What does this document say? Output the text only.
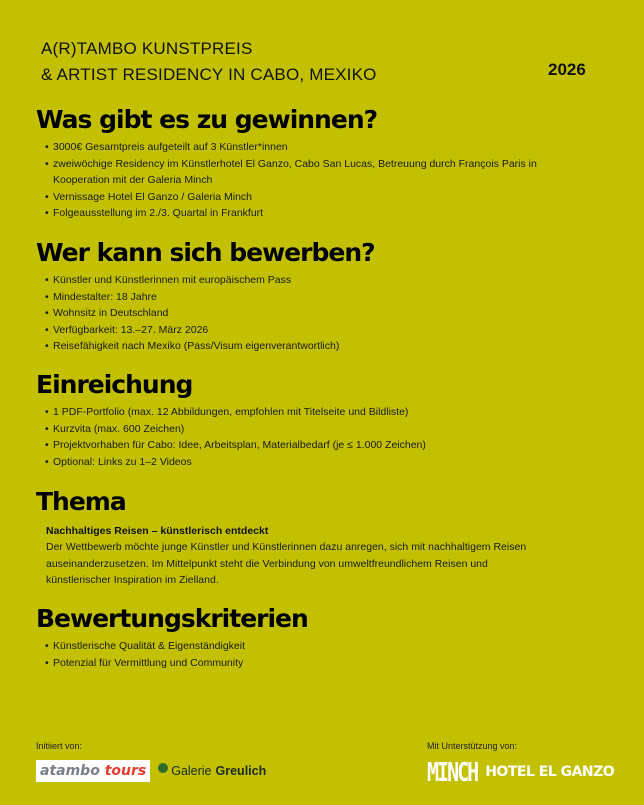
A(R)TAMBO KUNSTPREIS
& ARTIST RESIDENCY IN CABO, MEXIKO	2026
Was gibt es zu gewinnen?
• 3000€ Gesamtpreis aufgeteilt auf 3 Künstler*innen
• zweiwöchige Residency im Künstlerhotel El Ganzo, Cabo San Lucas, Betreuung durch François Paris in Kooperation mit der Galeria Minch
• Vernissage Hotel El Ganzo / Galeria Minch
• Folgeausstellung im 2./3. Quartal in Frankfurt
Wer kann sich bewerben?
• Künstler und Künstlerinnen mit europäischem Pass
• Mindestalter: 18 Jahre
• Wohnsitz in Deutschland
• Verfügbarkeit: 13.–27. März 2026
• Reisefähigkeit nach Mexiko (Pass/Visum eigenverantwortlich)
Einreichung
• 1 PDF-Portfolio (max. 12 Abbildungen, empfohlen mit Titelseite und Bildliste)
• Kurzvita (max. 600 Zeichen)
• Projektvorhaben für Cabo: Idee, Arbeitsplan, Materialbedarf (je ≤ 1.000 Zeichen)
• Optional: Links zu 1–2 Videos
Thema
Nachhaltiges Reisen – künstlerisch entdeckt

Der Wettbewerb möchte junge Künstler und Künstlerinnen dazu anregen, sich mit nachhaltigem Reisen auseinanderzusetzen. Im Mittelpunkt steht die Verbindung von umweltfreundlichem Reisen und künstlerischer Inspiration im Zielland.

Bewertungskriterien
• Künstlerische Qualität & Eigenständigkeit
• Potenzial für Vermittlung und Community
Initiiert von:
atambo
tours Galerie Greulich
Mit Unterstützung von:
MINCH HOTEL EL GANZO
